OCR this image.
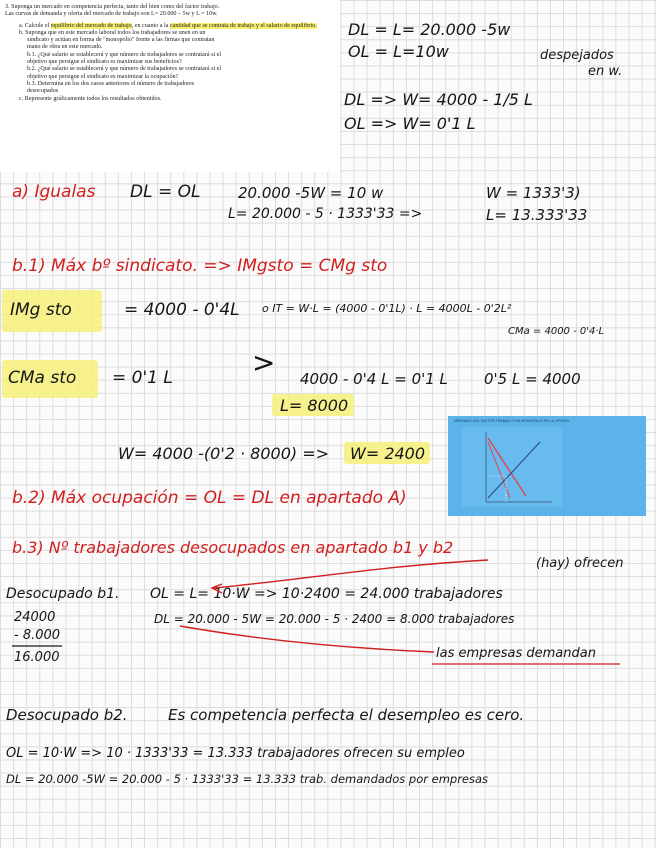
3. Suponga un mercado en competencia perfecta, tanto del bien como del factor trabajo.

Las curvas de demanda y oferta del mercado de trabajo son L= 20.000 – 5w y L = 10w.

a. Calcule el equilibrio del mercado de trabajo, en cuanto a la cantidad que se contrata de trabajo y el salario de equilibrio.

b. Suponga que en este mercado laboral todos los trabajadores se unen en un

sindicato y actúan en forma de "monopolio" frente a las firmas que contratan

mano de obra en este mercado.

b.1. ¿Qué salario se establecerá y que número de trabajadores se contratará si el

objetivo que persigue el sindicato es maximizar sus beneficios?

b.2. ¿Qué salario se establecerá y que número de trabajadores se contratará si el

objetivo que persigue el sindicato es maximizar la ocupación?

b.3. Determina en los dos casos anteriores el número de trabajadores

desocupados

c. Represente gráficamente todos los resultados obtenidos.

DL = L= 20.000 -5w
OL = L=10w	despejados
en w.
DL => W= 4000 - 1/5 L
OL => W= 0'1 L
a) Igualas DL = OL	20.000 -5W = 10 w	W = 1333'3)
L= 20.000 - 5 · 1333'33 =>	L= 13.333'33
b.1) Máx bº sindicato. => IMgsto = CMg sto
IMg sto	= 4000 - 0'4L o IT = W·L = (4000 - 0'1L) · L = 4000L - 0'2L²
CMa = 4000 - 0'4·L
CMa sto = 0'1 L	> 4000 - 0'4 L = 0'1 L 0'5 L = 4000
L= 8000
MERCADO DEL FACTOR TRABAJO CON MONOPOLIO EN LA OFERTA
W= 4000 -(0'2 · 8000) => W= 2400
b.2) Máx ocupación = OL = DL en apartado A)
b.3) Nº trabajadores desocupados en apartado b1 y b2
(hay) ofrecen
Desocupado b1. OL = L= 10·W => 10·2400 = 24.000 trabajadores
DL = 20.000 - 5W = 20.000 - 5 · 2400 = 8.000 trabajadores
las empresas demandan
24000
- 8.000
16.000
Desocupado b2.	Es competencia perfecta el desempleo es cero.
OL = 10·W => 10 · 1333'33 = 13.333 trabajadores ofrecen su empleo
DL = 20.000 -5W = 20.000 - 5 · 1333'33 = 13.333 trab. demandados por empresas
